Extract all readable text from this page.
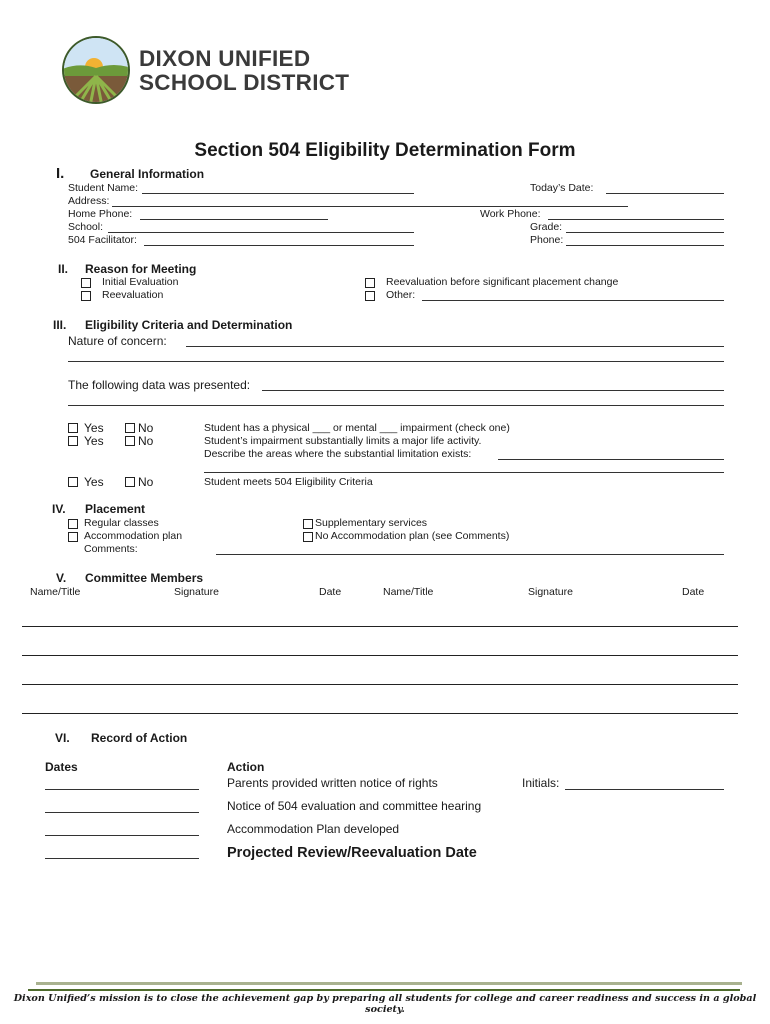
DIXON UNIFIED
SCHOOL DISTRICT
Section 504 Eligibility Determination Form
I. General Information
Student Name:	Today’s Date:
Address:
Home Phone:	Work Phone:
School:	Grade:
504 Facilitator:	Phone:
II. Reason for Meeting
Initial Evaluation
Reevaluation
Reevaluation before significant placement change
Other:
III. Eligibility Criteria and Determination
Nature of concern:
The following data was presented:
Yes	No	Student has a physical ___ or mental ___ impairment (check one)
Yes	No	Student’s impairment substantially limits a major life activity.
Describe the areas where the substantial limitation exists:
Yes	No	Student meets 504 Eligibility Criteria
IV. Placement
Regular classes
Accommodation plan
Comments:
Supplementary services
No Accommodation plan (see Comments)
V. Committee Members
Name/Title	Signature	Date	Name/Title	Signature	Date
VI. Record of Action
Dates	Action
Parents provided written notice of rights	Initials:
Notice of 504 evaluation and committee hearing
Accommodation Plan developed
Projected Review/Reevaluation Date
Dixon Unified’s mission is to close the achievement gap by preparing all students for college and career readiness and success in a global society.
